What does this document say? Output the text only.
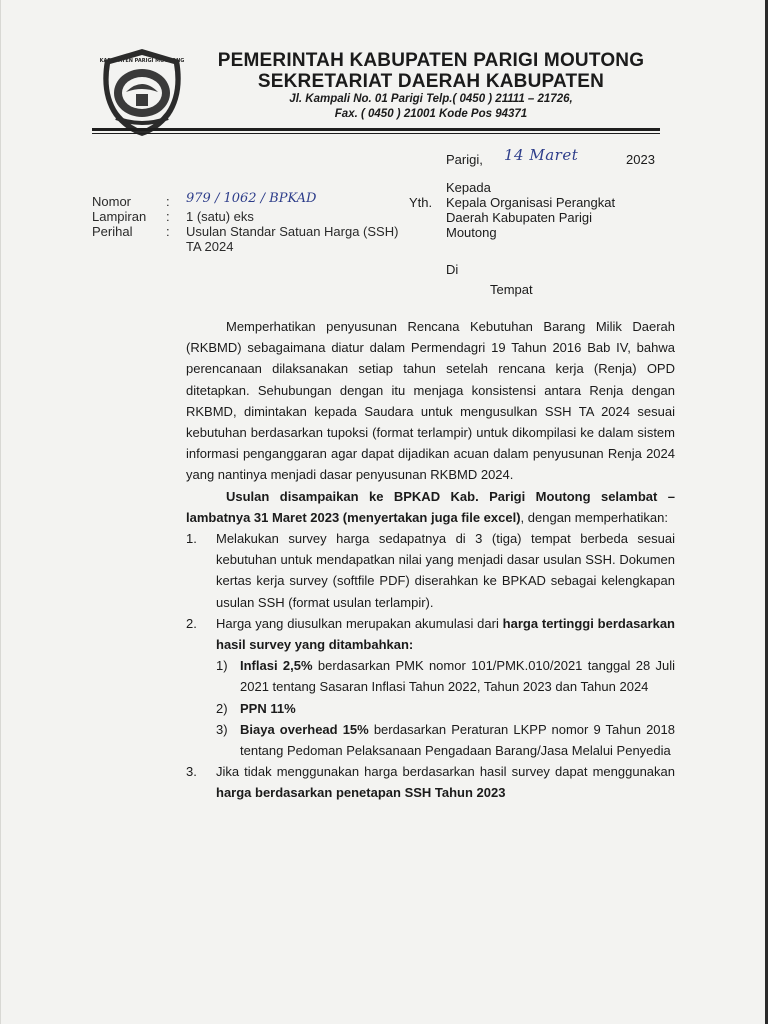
KABUPATEN PARIGI MOUTONG	PEMERINTAH KABUPATEN PARIGI MOUTONG
SEKRETARIAT DAERAH KABUPATEN
Jl. Kampali No. 01 Parigi Telp.( 0450 ) 21111 – 21726,
Fax. ( 0450 ) 21001 Kode Pos 94371
Parigi, 14 Maret	2023
Nomor	:	979 / 1062 / BPKAD
Lampiran	:	1 (satu) eks
Perihal	:	Usulan Standar Satuan Harga (SSH) TA 2024
Yth.
Kepada
Kepala Organisasi Perangkat
Daerah Kabupaten Parigi
Moutong
Di
Tempat

Memperhatikan penyusunan Rencana Kebutuhan Barang Milik Daerah (RKBMD) sebagaimana diatur dalam Permendagri 19 Tahun 2016 Bab IV, bahwa perencanaan dilaksanakan setiap tahun setelah rencana kerja (Renja) OPD ditetapkan. Sehubungan dengan itu menjaga konsistensi antara Renja dengan RKBMD, dimintakan kepada Saudara untuk mengusulkan SSH TA 2024 sesuai kebutuhan berdasarkan tupoksi (format terlampir) untuk dikompilasi ke dalam sistem informasi penganggaran agar dapat dijadikan acuan dalam penyusunan Renja 2024 yang nantinya menjadi dasar penyusunan RKBMD 2024.

Usulan disampaikan ke BPKAD Kab. Parigi Moutong selambat – lambatnya 31 Maret 2023 (menyertakan juga file excel), dengan memperhatikan:

1. Melakukan survey harga sedapatnya di 3 (tiga) tempat berbeda sesuai kebutuhan untuk mendapatkan nilai yang menjadi dasar usulan SSH. Dokumen kertas kerja survey (softfile PDF) diserahkan ke BPKAD sebagai kelengkapan usulan SSH (format usulan terlampir).
2. Harga yang diusulkan merupakan akumulasi dari harga tertinggi berdasarkan hasil survey yang ditambahkan:
1) Inflasi 2,5% berdasarkan PMK nomor 101/PMK.010/2021 tanggal 28 Juli 2021 tentang Sasaran Inflasi Tahun 2022, Tahun 2023 dan Tahun 2024
2) PPN 11%
3) Biaya overhead 15% berdasarkan Peraturan LKPP nomor 9 Tahun 2018 tentang Pedoman Pelaksanaan Pengadaan Barang/Jasa Melalui Penyedia
3. Jika tidak menggunakan harga berdasarkan hasil survey dapat menggunakan harga berdasarkan penetapan SSH Tahun 2023
